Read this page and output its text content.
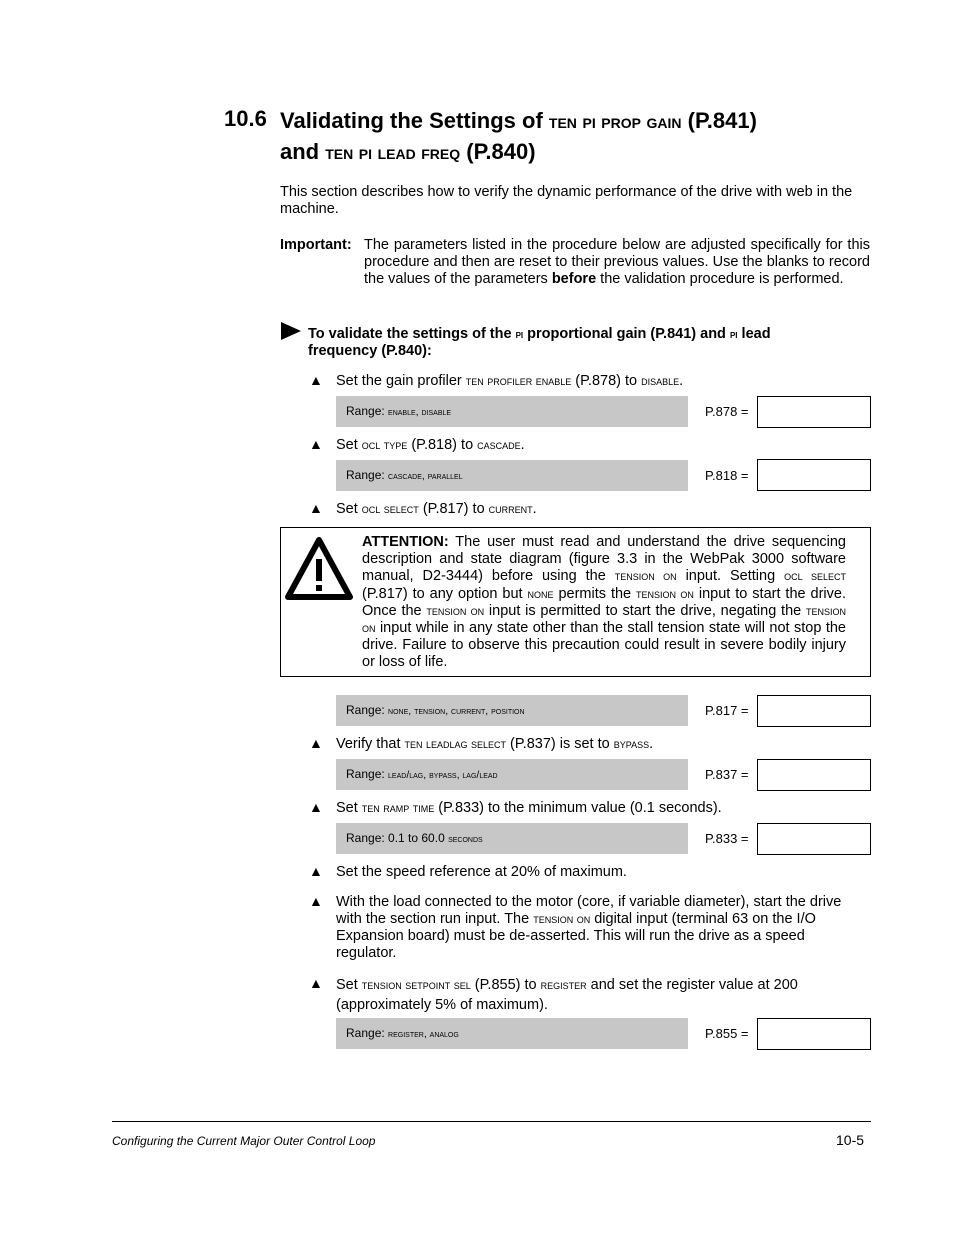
10.6 Validating the Settings of ten pi prop gain (P.841)
and ten pi lead freq (P.840)
This section describes how to verify the dynamic performance of the drive with web in the machine.
Important: The parameters listed in the procedure below are adjusted specifically for this procedure and then are reset to their previous values. Use the blanks to record the values of the parameters before the validation procedure is performed.
To validate the settings of the pi proportional gain (P.841) and pi lead frequency (P.840):
▲ Set the gain profiler ten profiler enable (P.878) to disable.
Range: enable, disable	P.878 =
▲ Set ocl type (P.818) to cascade.
Range: cascade, parallel	P.818 =
▲ Set ocl select (P.817) to current.
ATTENTION: The user must read and understand the drive sequencing description and state diagram (figure 3.3 in the WebPak 3000 software manual, D2-3444) before using the tension on input. Setting ocl select (P.817) to any option but none permits the tension on input to start the drive. Once the tension on input is permitted to start the drive, negating the tension on input while in any state other than the stall tension state will not stop the drive. Failure to observe this precaution could result in severe bodily injury or loss of life.
Range: none, tension, current, position	P.817 =
▲ Verify that ten leadlag select (P.837) is set to bypass.
Range: lead/lag, bypass, lag/lead	P.837 =
▲ Set ten ramp time (P.833) to the minimum value (0.1 seconds).
Range: 0.1 to 60.0 seconds	P.833 =
▲ Set the speed reference at 20% of maximum.
▲ With the load connected to the motor (core, if variable diameter), start the drive with the section run input. The tension on digital input (terminal 63 on the I/O Expansion board) must be de-asserted. This will run the drive as a speed regulator.
▲ Set tension setpoint sel (P.855) to register and set the register value at 200 (approximately 5% of maximum).
Range: register, analog	P.855 =
Configuring the Current Major Outer Control Loop	10-5
